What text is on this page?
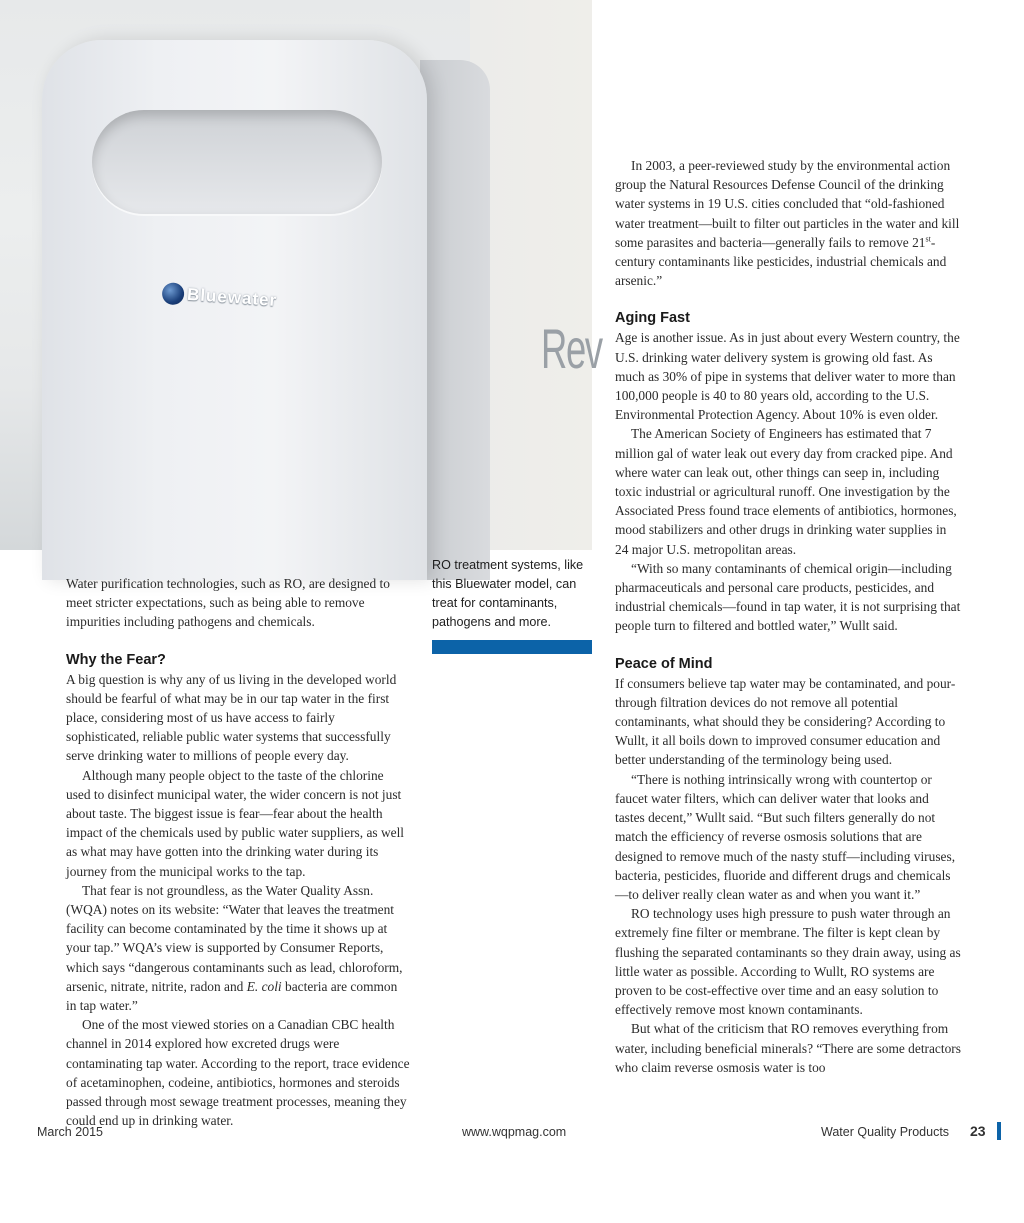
Rev
Bluewater
RO treatment systems, like this Bluewater model, can treat for contaminants, pathogens and more.

Water purification technologies, such as RO, are designed to meet stricter expectations, such as being able to remove impurities including pathogens and chemicals.

Why the Fear?

A big question is why any of us living in the developed world should be fearful of what may be in our tap water in the first place, considering most of us have access to fairly sophisticated, reliable public water systems that successfully serve drinking water to millions of people every day.

Although many people object to the taste of the chlorine used to disinfect municipal water, the wider concern is not just about taste. The biggest issue is fear—fear about the health impact of the chemicals used by public water suppliers, as well as what may have gotten into the drinking water during its journey from the municipal works to the tap.

That fear is not groundless, as the Water Quality Assn. (WQA) notes on its website: “Water that leaves the treatment facility can become contaminated by the time it shows up at your tap.” WQA’s view is supported by Consumer Reports, which says “dangerous contaminants such as lead, chloroform, arsenic, nitrate, nitrite, radon and E. coli bacteria are common in tap water.”

One of the most viewed stories on a Canadian CBC health channel in 2014 explored how excreted drugs were contaminating tap water. According to the report, trace evidence of acetaminophen, codeine, antibiotics, hormones and steroids passed through most sewage treatment processes, meaning they could end up in drinking water.

In 2003, a peer-reviewed study by the environmental action group the Natural Resources Defense Council of the drinking water systems in 19 U.S. cities concluded that “old-fashioned water treatment—built to filter out particles in the water and kill some parasites and bacteria—generally fails to remove 21st-century contaminants like pesticides, industrial chemicals and arsenic.”

Aging Fast

Age is another issue. As in just about every Western country, the U.S. drinking water delivery system is growing old fast. As much as 30% of pipe in systems that deliver water to more than 100,000 people is 40 to 80 years old, according to the U.S. Environmental Protection Agency. About 10% is even older.

The American Society of Engineers has estimated that 7 million gal of water leak out every day from cracked pipe. And where water can leak out, other things can seep in, including toxic industrial or agricultural runoff. One investigation by the Associated Press found trace elements of antibiotics, hormones, mood stabilizers and other drugs in drinking water supplies in 24 major U.S. metropolitan areas.

“With so many contaminants of chemical origin—including pharmaceuticals and personal care products, pesticides, and industrial chemicals—found in tap water, it is not surprising that people turn to filtered and bottled water,” Wullt said.

Peace of Mind

If consumers believe tap water may be contaminated, and pour-through filtration devices do not remove all potential contaminants, what should they be considering? According to Wullt, it all boils down to improved consumer education and better understanding of the terminology being used.

“There is nothing intrinsically wrong with countertop or faucet water filters, which can deliver water that looks and tastes decent,” Wullt said. “But such filters generally do not match the efficiency of reverse osmosis solutions that are designed to remove much of the nasty stuff—including viruses, bacteria, pesticides, fluoride and different drugs and chemicals—to deliver really clean water as and when you want it.”

RO technology uses high pressure to push water through an extremely fine filter or membrane. The filter is kept clean by flushing the separated contaminants so they drain away, using as little water as possible. According to Wullt, RO systems are proven to be cost-effective over time and an easy solution to effectively remove most known contaminants.

But what of the criticism that RO removes everything from water, including beneficial minerals? “There are some detractors who claim reverse osmosis water is too

March 2015	www.wqpmag.com	Water Quality Products 23
